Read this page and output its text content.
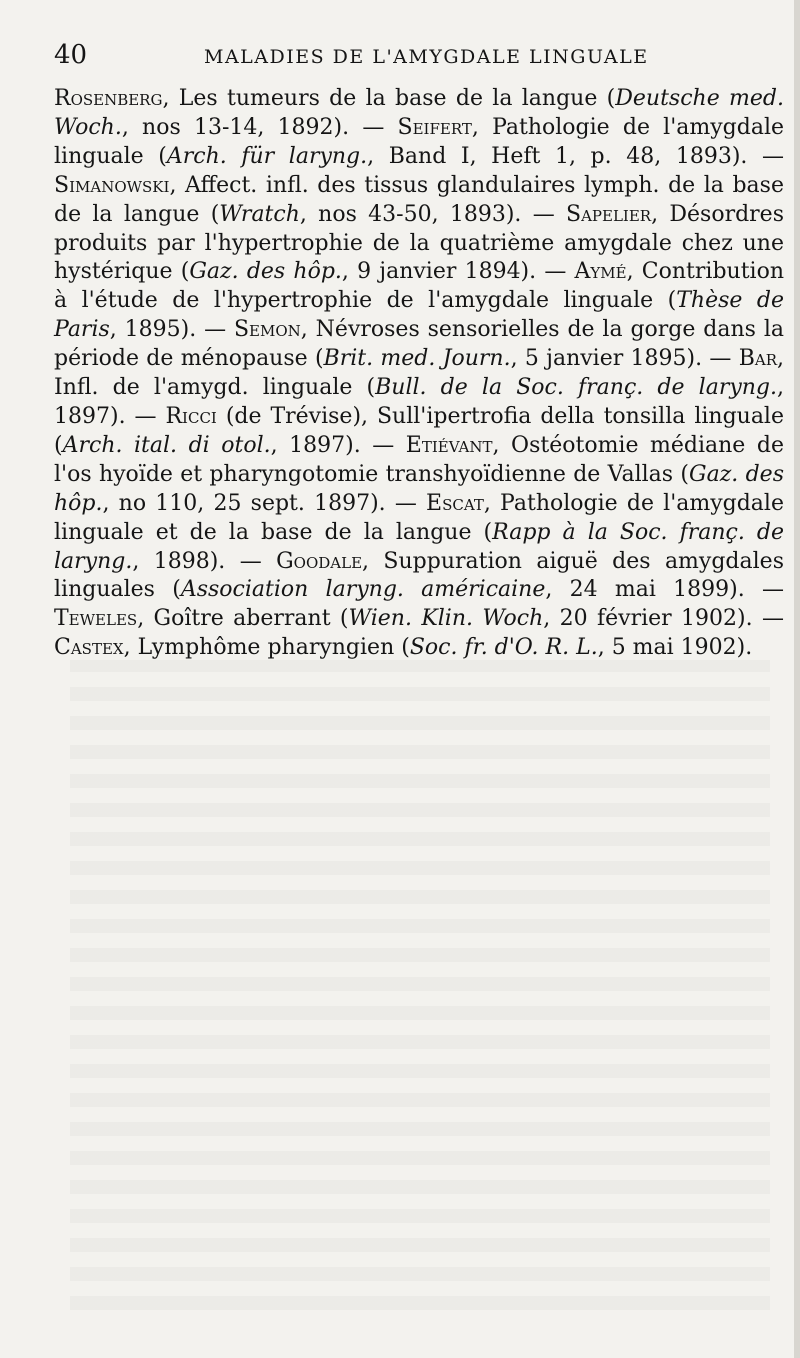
40	MALADIES DE L'AMYGDALE LINGUALE
Rosenberg, Les tumeurs de la base de la langue (Deutsche med. Woch., nos 13-14, 1892). — Seifert, Pathologie de l'amygdale linguale (Arch. für laryng., Band I, Heft 1, p. 48, 1893). — Simanowski, Affect. infl. des tissus glandulaires lymph. de la base de la langue (Wratch, nos 43-50, 1893). — Sapelier, Désordres produits par l'hypertrophie de la quatrième amygdale chez une hystérique (Gaz. des hôp., 9 janvier 1894). — Aymé, Contribution à l'étude de l'hypertrophie de l'amygdale linguale (Thèse de Paris, 1895). — Semon, Névroses sensorielles de la gorge dans la période de ménopause (Brit. med. Journ., 5 janvier 1895). — Bar, Infl. de l'amygd. linguale (Bull. de la Soc. franç. de laryng., 1897). — Ricci (de Trévise), Sull'ipertrofia della tonsilla linguale (Arch. ital. di otol., 1897). — Etiévant, Ostéotomie médiane de l'os hyoïde et pharyngotomie transhyoïdienne de Vallas (Gaz. des hôp., no 110, 25 sept. 1897). — Escat, Pathologie de l'amygdale linguale et de la base de la langue (Rapp à la Soc. franç. de laryng., 1898). — Goodale, Suppuration aiguë des amygdales linguales (Association laryng. américaine, 24 mai 1899). — Teweles, Goître aberrant (Wien. Klin. Woch, 20 février 1902). — Castex, Lymphôme pharyngien (Soc. fr. d'O. R. L., 5 mai 1902).
